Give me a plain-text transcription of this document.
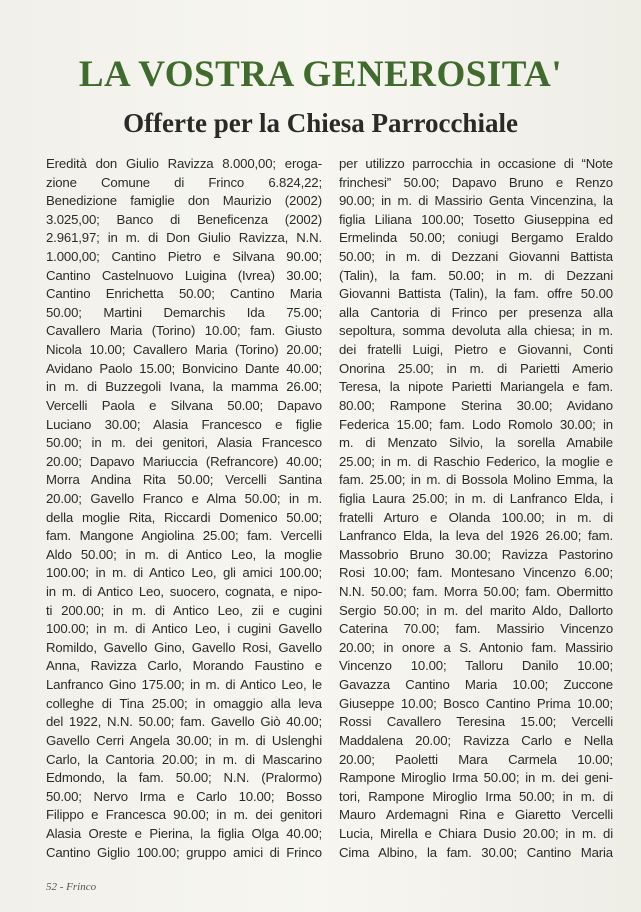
LA VOSTRA GENEROSITA'
Offerte per la Chiesa Parrocchiale
Eredità don Giulio Ravizza 8.000,00; eroga-
zione Comune di Frinco 6.824,22;
Benedizione famiglie don Maurizio (2002)
3.025,00; Banco di Beneficenza (2002)
2.961,97; in m. di Don Giulio Ravizza, N.N.
1.000,00; Cantino Pietro e Silvana 90.00;
Cantino Castelnuovo Luigina (Ivrea) 30.00;
Cantino Enrichetta 50.00; Cantino Maria
50.00; Martini Demarchis Ida 75.00;
Cavallero Maria (Torino) 10.00; fam. Giusto
Nicola 10.00; Cavallero Maria (Torino) 20.00;
Avidano Paolo 15.00; Bonvicino Dante 40.00;
in m. di Buzzegoli Ivana, la mamma 26.00;
Vercelli Paola e Silvana 50.00; Dapavo
Luciano 30.00; Alasia Francesco e figlie
50.00; in m. dei genitori, Alasia Francesco
20.00; Dapavo Mariuccia (Refrancore) 40.00;
Morra Andina Rita 50.00; Vercelli Santina
20.00; Gavello Franco e Alma 50.00; in m.
della moglie Rita, Riccardi Domenico 50.00;
fam. Mangone Angiolina 25.00; fam. Vercelli
Aldo 50.00; in m. di Antico Leo, la moglie
100.00; in m. di Antico Leo, gli amici 100.00;
in m. di Antico Leo, suocero, cognata, e nipo-
ti 200.00; in m. di Antico Leo, zii e cugini
100.00; in m. di Antico Leo, i cugini Gavello
Romildo, Gavello Gino, Gavello Rosi, Gavello
Anna, Ravizza Carlo, Morando Faustino e
Lanfranco Gino 175.00; in m. di Antico Leo, le
colleghe di Tina 25.00; in omaggio alla leva
del 1922, N.N. 50.00; fam. Gavello Giò 40.00;
Gavello Cerri Angela 30.00; in m. di Uslenghi
Carlo, la Cantoria 20.00; in m. di Mascarino
Edmondo, la fam. 50.00; N.N. (Pralormo)
50.00; Nervo Irma e Carlo 10.00; Bosso
Filippo e Francesca 90.00; in m. dei genitori
Alasia Oreste e Pierina, la figlia Olga 40.00;
Cantino Giglio 100.00; gruppo amici di Frinco
per utilizzo parrocchia in occasione di “Note
frinchesi” 50.00; Dapavo Bruno e Renzo
90.00; in m. di Massirio Genta Vincenzina, la
figlia Liliana 100.00; Tosetto Giuseppina ed
Ermelinda 50.00; coniugi Bergamo Eraldo
50.00; in m. di Dezzani Giovanni Battista
(Talin), la fam. 50.00; in m. di Dezzani
Giovanni Battista (Talin), la fam. offre 50.00
alla Cantoria di Frinco per presenza alla
sepoltura, somma devoluta alla chiesa; in m.
dei fratelli Luigi, Pietro e Giovanni, Conti
Onorina 25.00; in m. di Parietti Amerio
Teresa, la nipote Parietti Mariangela e fam.
80.00; Rampone Sterina 30.00; Avidano
Federica 15.00; fam. Lodo Romolo 30.00; in
m. di Menzato Silvio, la sorella Amabile
25.00; in m. di Raschio Federico, la moglie e
fam. 25.00; in m. di Bossola Molino Emma, la
figlia Laura 25.00; in m. di Lanfranco Elda, i
fratelli Arturo e Olanda 100.00; in m. di
Lanfranco Elda, la leva del 1926 26.00; fam.
Massobrio Bruno 30.00; Ravizza Pastorino
Rosi 10.00; fam. Montesano Vincenzo 6.00;
N.N. 50.00; fam. Morra 50.00; fam. Obermitto
Sergio 50.00; in m. del marito Aldo, Dallorto
Caterina 70.00; fam. Massirio Vincenzo
20.00; in onore a S. Antonio fam. Massirio
Vincenzo 10.00; Talloru Danilo 10.00;
Gavazza Cantino Maria 10.00; Zuccone
Giuseppe 10.00; Bosco Cantino Prima 10.00;
Rossi Cavallero Teresina 15.00; Vercelli
Maddalena 20.00; Ravizza Carlo e Nella
20.00; Paoletti Mara Carmela 10.00;
Rampone Miroglio Irma 50.00; in m. dei geni-
tori, Rampone Miroglio Irma 50.00; in m. di
Mauro Ardemagni Rina e Giaretto Vercelli
Lucia, Mirella e Chiara Dusio 20.00; in m. di
Cima Albino, la fam. 30.00; Cantino Maria
52 - Frinco
